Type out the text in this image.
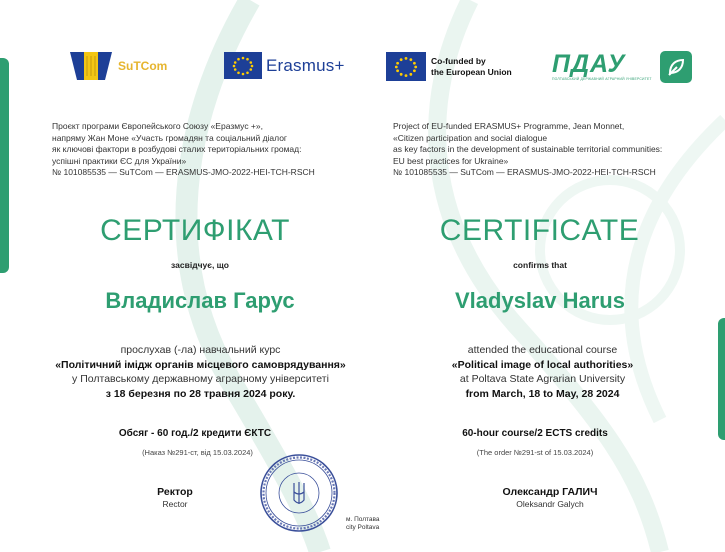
SuTCom	Erasmus+	Co-funded by
the European Union ПДАУ
ПОЛТАВСЬКИЙ ДЕРЖАВНИЙ АГРАРНИЙ УНІВЕРСИТЕТ
Проєкт програми Європейського Союзу «Еразмус +»,
напряму Жан Моне «Участь громадян та соціальний діалог
як ключові фактори в розбудові сталих територіальних громад:
успішні практики ЄС для України»
№ 101085535 — SuTCom — ERASMUS-JMO-2022-HEI-TCH-RSCH
Project of EU-funded ERASMUS+ Programme, Jean Monnet,
«Citizen participation and social dialogue
as key factors in the development of sustainable territorial communities:
EU best practices for Ukraine»
№ 101085535 — SuTCom — ERASMUS-JMO-2022-HEI-TCH-RSCH
СЕРТИФІКАТ	CERTIFICATE
засвідчує, що	confirms that
Владислав Гарус	Vladyslav Harus
прослухав (-ла) навчальний курс
«Політичний імідж органів місцевого самоврядування»
у Полтавському державному аграрному університеті
з 18 березня по 28 травня 2024 року.
attended the educational course
«Political image of local authorities»
at Poltava State Agrarian University
from March, 18 to May, 28 2024
Обсяг - 60 год./2 кредити ЄКТС	60-hour course/2 ECTS credits
(Наказ №291-ст, від 15.03.2024)	(The order №291-st of 15.03.2024)
Ректор
Rector
Олександр ГАЛИЧ
Oleksandr Galych
м. Полтава
city Poltava
